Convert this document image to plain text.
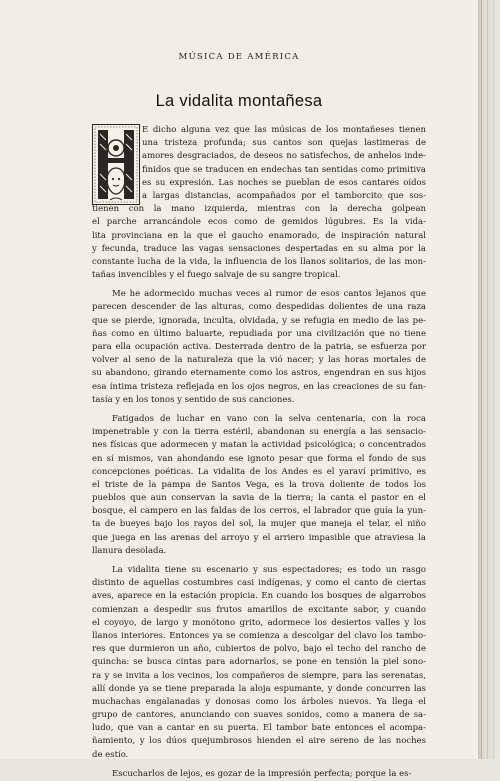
MÚSICA DE AMÉRICA
La vidalita montañesa

E dicho alguna vez que las músicas de los montañeses tienen
una tristeza profunda; sus cantos son quejas lastimeras de
amores desgraciados, de deseos no satisfechos, de anhelos inde-
finidos que se traducen en endechas tan sentidas como primitiva
es su expresión. Las noches se pueblan de esos cantares oídos
a largas distancias, acompañados por el tamborcito que sos-
tienen con la mano izquierda, mientras con la derecha golpean
el parche arrancándole ecos como de gemidos lúgubres. Es la vida-
lita provinciana en la que el gaucho enamorado, de inspiración natural
y fecunda, traduce las vagas sensaciones despertadas en su alma por la
constante lucha de la vida, la influencia de los llanos solitarios, de las mon-
tañas invencibles y el fuego salvaje de su sangre tropical.

Me he adormecido muchas veces al rumor de esos cantos lejanos que
parecen descender de las alturas, como despedidas dolientes de una raza
que se pierde, ignorada, inculta, olvidada, y se refugia en medio de las pe-
ñas como en último baluarte, repudiada por una civilización que no tiene
para ella ocupación activa. Desterrada dentro de la patria, se esfuerza por
volver al seno de la naturaleza que la vió nacer; y las horas mortales de
su abandono, girando eternamente como los astros, engendran en sus hijos
esa íntima tristeza reflejada en los ojos negros, en las creaciones de su fan-
tasía y en los tonos y sentido de sus canciones.

Fatigados de luchar en vano con la selva centenaria, con la roca
impenetrable y con la tierra estéril, abandonan su energía a las sensacio-
nes físicas que adormecen y matan la actividad psicológica; o concentrados
en sí mismos, van ahondando ese ignoto pesar que forma el fondo de sus
concepciones poéticas. La vidalita de los Andes es el yaraví primitivo, es
el triste de la pampa de Santos Vega, es la trova doliente de todos los
pueblos que aun conservan la savia de la tierra; la canta el pastor en el
bosque, el campero en las faldas de los cerros, el labrador que guía la yun-
ta de bueyes bajo los rayos del sol, la mujer que maneja el telar, el niño
que juega en las arenas del arroyo y el arriero impasible que atraviesa la
llanura desolada.

La vidalita tiene su escenario y sus espectadores; es todo un rasgo
distinto de aquellas costumbres casi indígenas, y como el canto de ciertas
aves, aparece en la estación propicia. En cuando los bosques de algarrobos
comienzan a despedir sus frutos amarillos de excitante sabor, y cuando
el coyoyo, de largo y monótono grito, adormece los desiertos valles y los
llanos interiores. Entonces ya se comienza a descolgar del clavo los tambo-
res que durmieron un año, cubiertos de polvo, bajo el techo del rancho de
quincha: se busca cintas para adornarlos, se pone en tensión la piel sono-
ra y se invita a los vecinos, los compañeros de siempre, para las serenatas,
allí donde ya se tiene preparada la aloja espumante, y donde concurren las
muchachas engalanadas y donosas como los árboles nuevos. Ya llega el
grupo de cantores, anunciando con suaves sonidos, como a manera de sa-
ludo, que van a cantar en su puerta. El tambor bate entonces el acompa-
ñamiento, y los dúos quejumbrosos hienden el aire sereno de las noches
de estío.

Escucharlos de lejos, es gozar de la impresión perfecta; porque la es-
